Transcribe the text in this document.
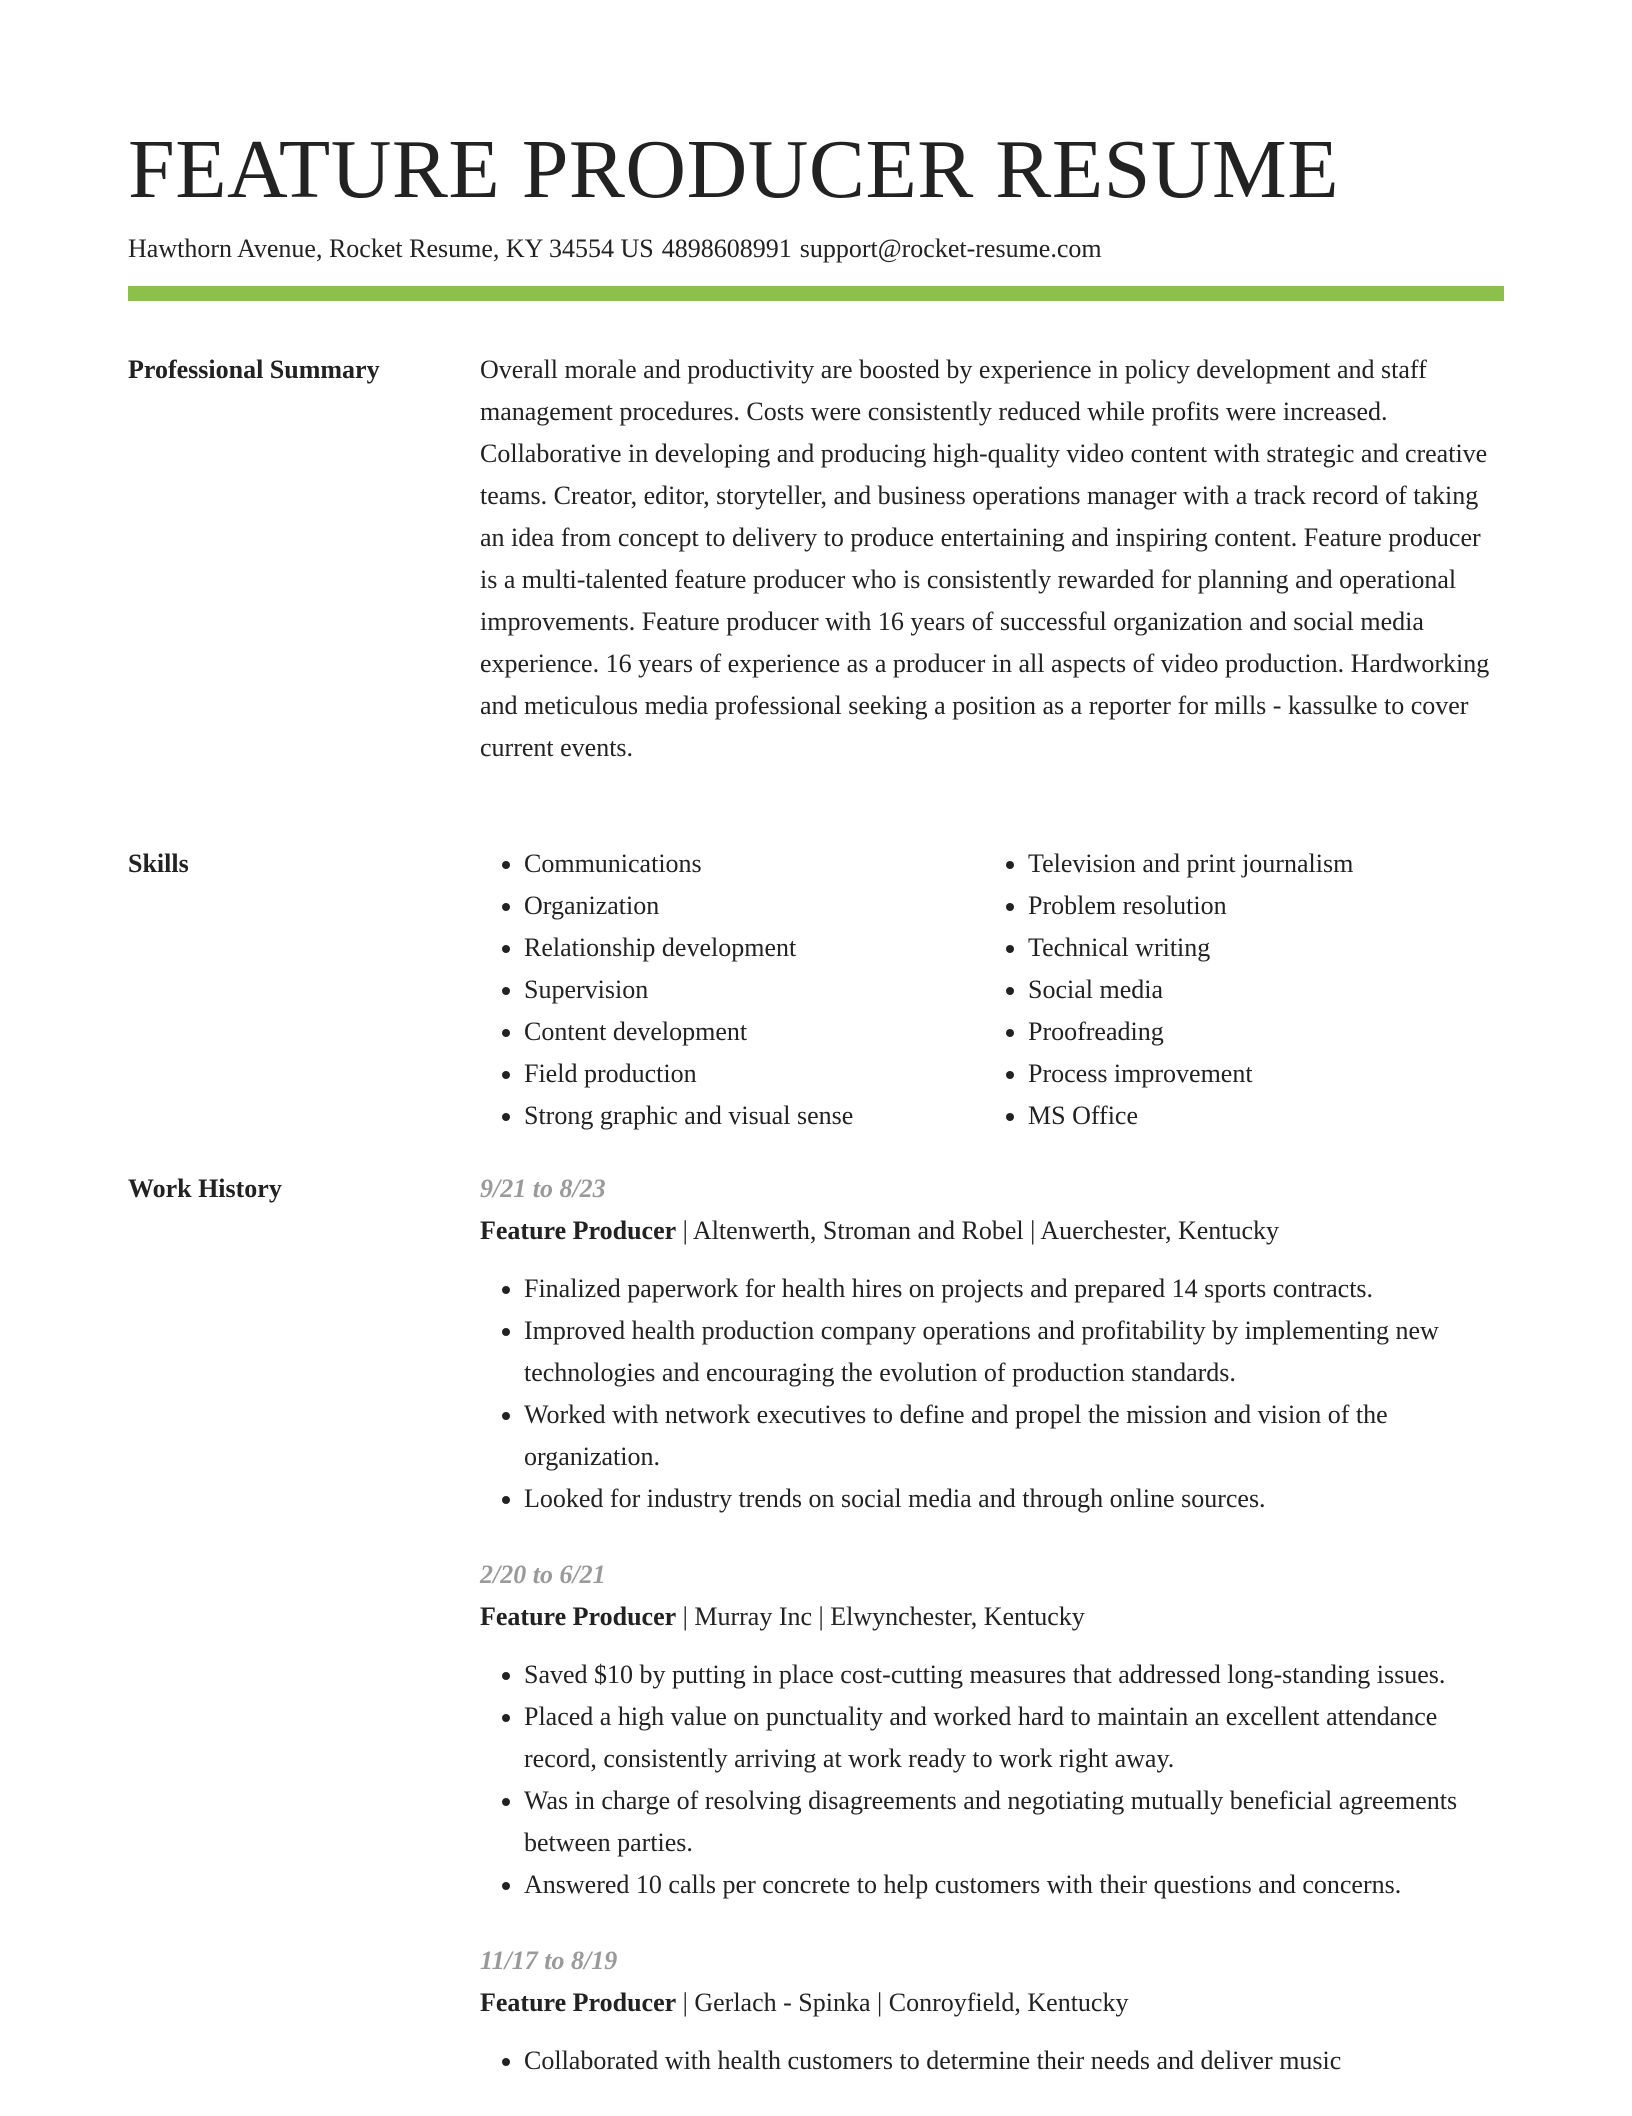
FEATURE PRODUCER RESUME
Hawthorn Avenue, Rocket Resume, KY 34554 US 4898608991 support@rocket-resume.com
Professional Summary	Overall morale and productivity are boosted by experience in policy development and staff management procedures. Costs were consistently reduced while profits were increased. Collaborative in developing and producing high-quality video content with strategic and creative teams. Creator, editor, storyteller, and business operations manager with a track record of taking an idea from concept to delivery to produce entertaining and inspiring content. Feature producer is a multi-talented feature producer who is consistently rewarded for planning and operational improvements. Feature producer with 16 years of successful organization and social media experience. 16 years of experience as a producer in all aspects of video production. Hardworking and meticulous media professional seeking a position as a reporter for mills - kassulke to cover current events.

Skills
•	Communications
• Organization
• Relationship development
• Supervision
• Content development
• Field production
• Strong graphic and visual sense
• Television and print journalism
• Problem resolution
• Technical writing
• Social media
• Proofreading
• Process improvement
• MS Office
Work History	9/21 to 8/23
Feature Producer | Altenwerth, Stroman and Robel | Auerchester, Kentucky
• Finalized paperwork for health hires on projects and prepared 14 sports contracts.
• Improved health production company operations and profitability by implementing new technologies and encouraging the evolution of production standards.
• Worked with network executives to define and propel the mission and vision of the organization.
• Looked for industry trends on social media and through online sources.
2/20 to 6/21
Feature Producer | Murray Inc | Elwynchester, Kentucky
• Saved $10 by putting in place cost-cutting measures that addressed long-standing issues.
• Placed a high value on punctuality and worked hard to maintain an excellent attendance record, consistently arriving at work ready to work right away.
• Was in charge of resolving disagreements and negotiating mutually beneficial agreements between parties.
• Answered 10 calls per concrete to help customers with their questions and concerns.
11/17 to 8/19
Feature Producer | Gerlach - Spinka | Conroyfield, Kentucky
• Collaborated with health customers to determine their needs and deliver music
